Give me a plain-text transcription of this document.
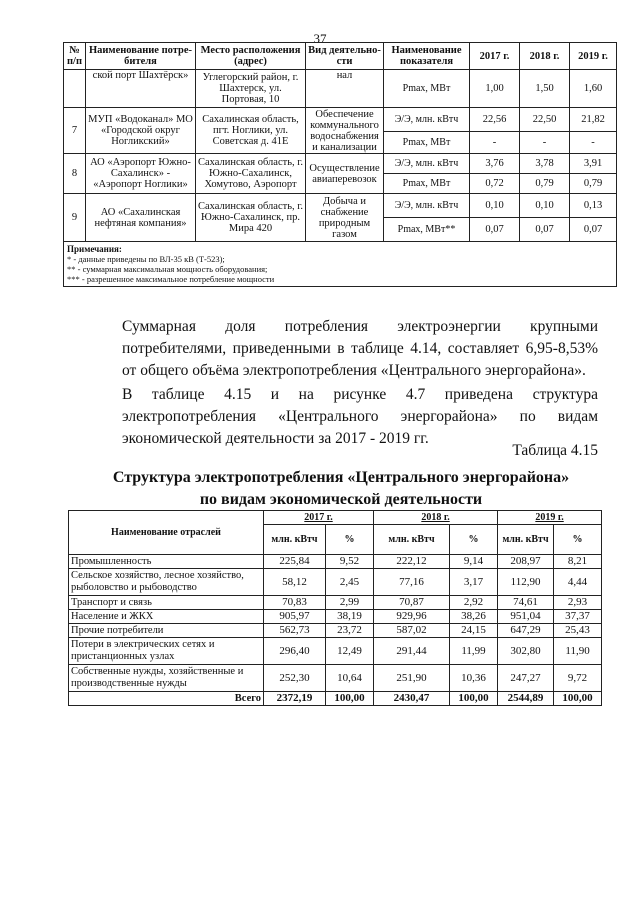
37
№ п/п	Наименование потре-бителя	Место расположения (адрес)	Вид деятельно-сти	Наименование показателя	2017 г.	2018 г.	2019 г.
	ской порт Шахтёрск»	Углегорский район, г. Шахтерск, ул. Портовая, 10	нал	Pmax, МВт	1,00	1,50	1,60
7	МУП «Водоканал» МО «Городской округ Ногликский»	Сахалинская область, пгт. Ноглики, ул. Советская д. 41Е	Обеспечение коммунального водоснабжения и канализации	Э/Э, млн. кВтч	22,56	22,50	21,82
				Pmax, МВт	-	-	-
8	АО «Аэропорт Южно-Сахалинск» - «Аэропорт Ноглики»	Сахалинская область, г. Южно-Сахалинск, Хомутово, Аэропорт	Осуществление авиаперевозок	Э/Э, млн. кВтч	3,76	3,78	3,91
				Pmax, МВт	0,72	0,79	0,79
9	АО «Сахалинская нефтяная компания»	Сахалинская область, г. Южно-Сахалинск, пр. Мира 420	Добыча и снабжение природным газом	Э/Э, млн. кВтч	0,10	0,10	0,13
				Pmax, МВт**	0,07	0,07	0,07
Примечания:
* - данные приведены по ВЛ-35 кВ (Т-523);
** - суммарная максимальная мощность оборудования;
*** - разрешенное максимальное потребление мощности							
Суммарная доля потребления электроэнергии крупными потребителями, приведенными в таблице 4.14, составляет 6,95-8,53% от общего объёма электропотребления «Центрального энергорайона».
В таблице 4.15 и на рисунке 4.7 приведена структура электропотребления «Центрального энергорайона» по видам экономической деятельности за 2017 - 2019 гг.
Таблица 4.15
Структура электропотребления «Центрального энергорайона»
по видам экономической деятельности
Наименование отраслей	2017 г.		2018 г.		2019 г.	
	млн. кВтч	%	млн. кВтч	%	млн. кВтч	%
Промышленность	225,84	9,52	222,12	9,14	208,97	8,21
Сельское хозяйство, лесное хозяйство, рыболовство и рыбоводство	58,12	2,45	77,16	3,17	112,90	4,44
Транспорт и связь	70,83	2,99	70,87	2,92	74,61	2,93
Население и ЖКХ	905,97	38,19	929,96	38,26	951,04	37,37
Прочие потребители	562,73	23,72	587,02	24,15	647,29	25,43
Потери в электрических сетях и пристанционных узлах	296,40	12,49	291,44	11,99	302,80	11,90
Собственные нужды, хозяйственные и производственные нужды	252,30	10,64	251,90	10,36	247,27	9,72
Всего	2372,19	100,00	2430,47	100,00	2544,89	100,00
